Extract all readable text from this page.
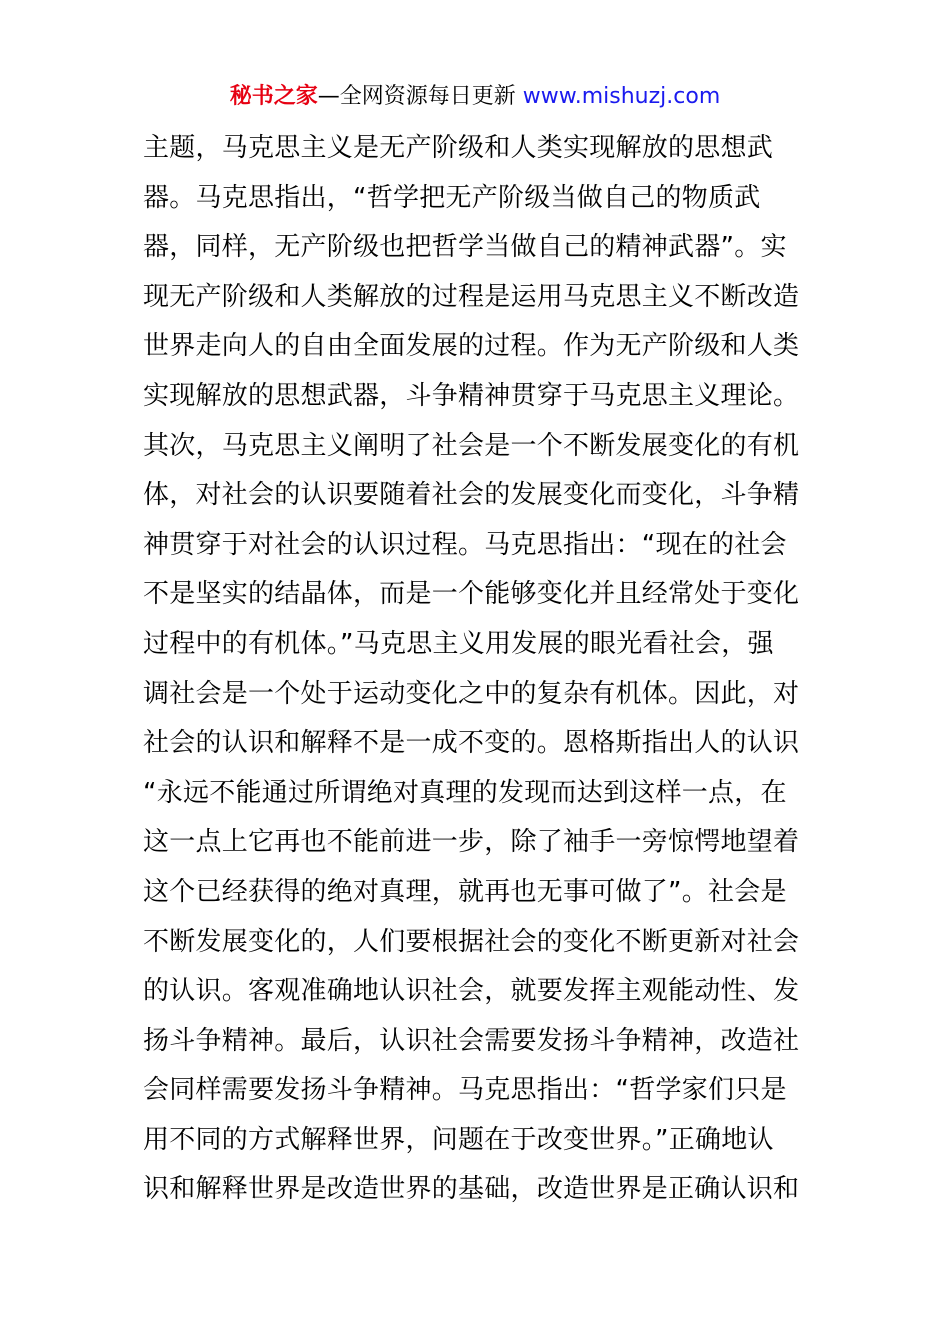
秘书之家—全网资源每日更新 www.mishuzj.com
主题，马克思主义是无产阶级和人类实现解放的思想武
器。马克思指出，“哲学把无产阶级当做自己的物质武
器，同样，无产阶级也把哲学当做自己的精神武器”。实
现无产阶级和人类解放的过程是运用马克思主义不断改造
世界走向人的自由全面发展的过程。作为无产阶级和人类
实现解放的思想武器，斗争精神贯穿于马克思主义理论。
其次，马克思主义阐明了社会是一个不断发展变化的有机
体，对社会的认识要随着社会的发展变化而变化，斗争精
神贯穿于对社会的认识过程。马克思指出：“现在的社会
不是坚实的结晶体，而是一个能够变化并且经常处于变化
过程中的有机体。”马克思主义用发展的眼光看社会，强
调社会是一个处于运动变化之中的复杂有机体。因此，对
社会的认识和解释不是一成不变的。恩格斯指出人的认识
“永远不能通过所谓绝对真理的发现而达到这样一点，在
这一点上它再也不能前进一步，除了袖手一旁惊愕地望着
这个已经获得的绝对真理，就再也无事可做了”。社会是
不断发展变化的，人们要根据社会的变化不断更新对社会
的认识。客观准确地认识社会，就要发挥主观能动性、发
扬斗争精神。最后，认识社会需要发扬斗争精神，改造社
会同样需要发扬斗争精神。马克思指出：“哲学家们只是
用不同的方式解释世界，问题在于改变世界。”正确地认
识和解释世界是改造世界的基础，改造世界是正确认识和
